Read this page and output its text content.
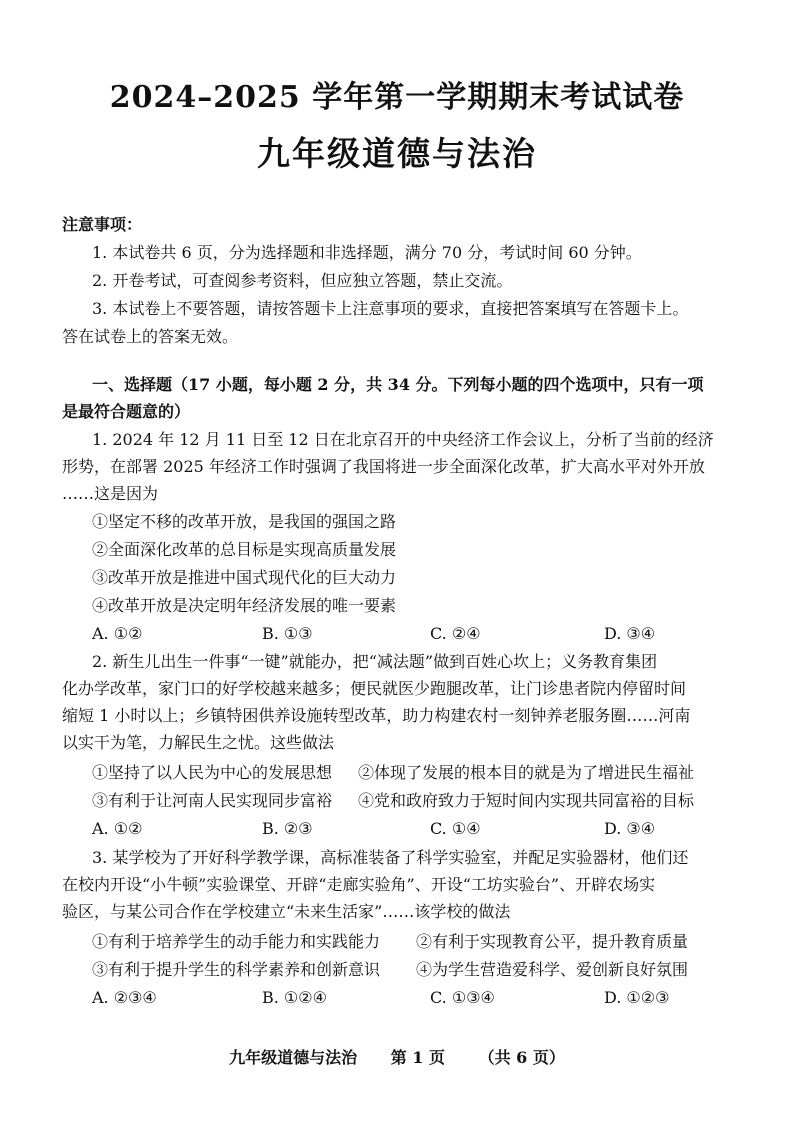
2024–2025 学年第一学期期末考试试卷
九年级道德与法治
注意事项：
1. 本试卷共 6 页，分为选择题和非选择题，满分 70 分，考试时间 60 分钟。
2. 开卷考试，可查阅参考资料，但应独立答题，禁止交流。
3. 本试卷上不要答题，请按答题卡上注意事项的要求，直接把答案填写在答题卡上。
答在试卷上的答案无效。
一、选择题（17 小题，每小题 2 分，共 34 分。下列每小题的四个选项中，只有一项
是最符合题意的）
1. 2024 年 12 月 11 日至 12 日在北京召开的中央经济工作会议上，分析了当前的经济
形势，在部署 2025 年经济工作时强调了我国将进一步全面深化改革，扩大高水平对外开放
……这是因为
①坚定不移的改革开放，是我国的强国之路
②全面深化改革的总目标是实现高质量发展
③改革开放是推进中国式现代化的巨大动力
④改革开放是决定明年经济发展的唯一要素
A. ①②	B. ①③	C. ②④	D. ③④
2. 新生儿出生一件事“一键”就能办，把“减法题”做到百姓心坎上；义务教育集团
化办学改革，家门口的好学校越来越多；便民就医少跑腿改革，让门诊患者院内停留时间
缩短 1 小时以上；乡镇特困供养设施转型改革，助力构建农村一刻钟养老服务圈……河南
以实干为笔，力解民生之忧。这些做法
①坚持了以人民为中心的发展思想 ②体现了发展的根本目的就是为了增进民生福祉
③有利于让河南人民实现同步富裕 ④党和政府致力于短时间内实现共同富裕的目标
A. ①②	B. ②③	C. ①④	D. ③④
3. 某学校为了开好科学教学课，高标准装备了科学实验室，并配足实验器材，他们还
在校内开设“小牛顿”实验课堂、开辟“走廊实验角”、开设“工坊实验台”、开辟农场实
验区，与某公司合作在学校建立“未来生活家”……该学校的做法
①有利于培养学生的动手能力和实践能力 ②有利于实现教育公平，提升教育质量
③有利于提升学生的科学素养和创新意识 ④为学生营造爱科学、爱创新良好氛围
A. ②③④	B. ①②④	C. ①③④	D. ①②③
九年级道德与法治 第 1 页 （共 6 页）
